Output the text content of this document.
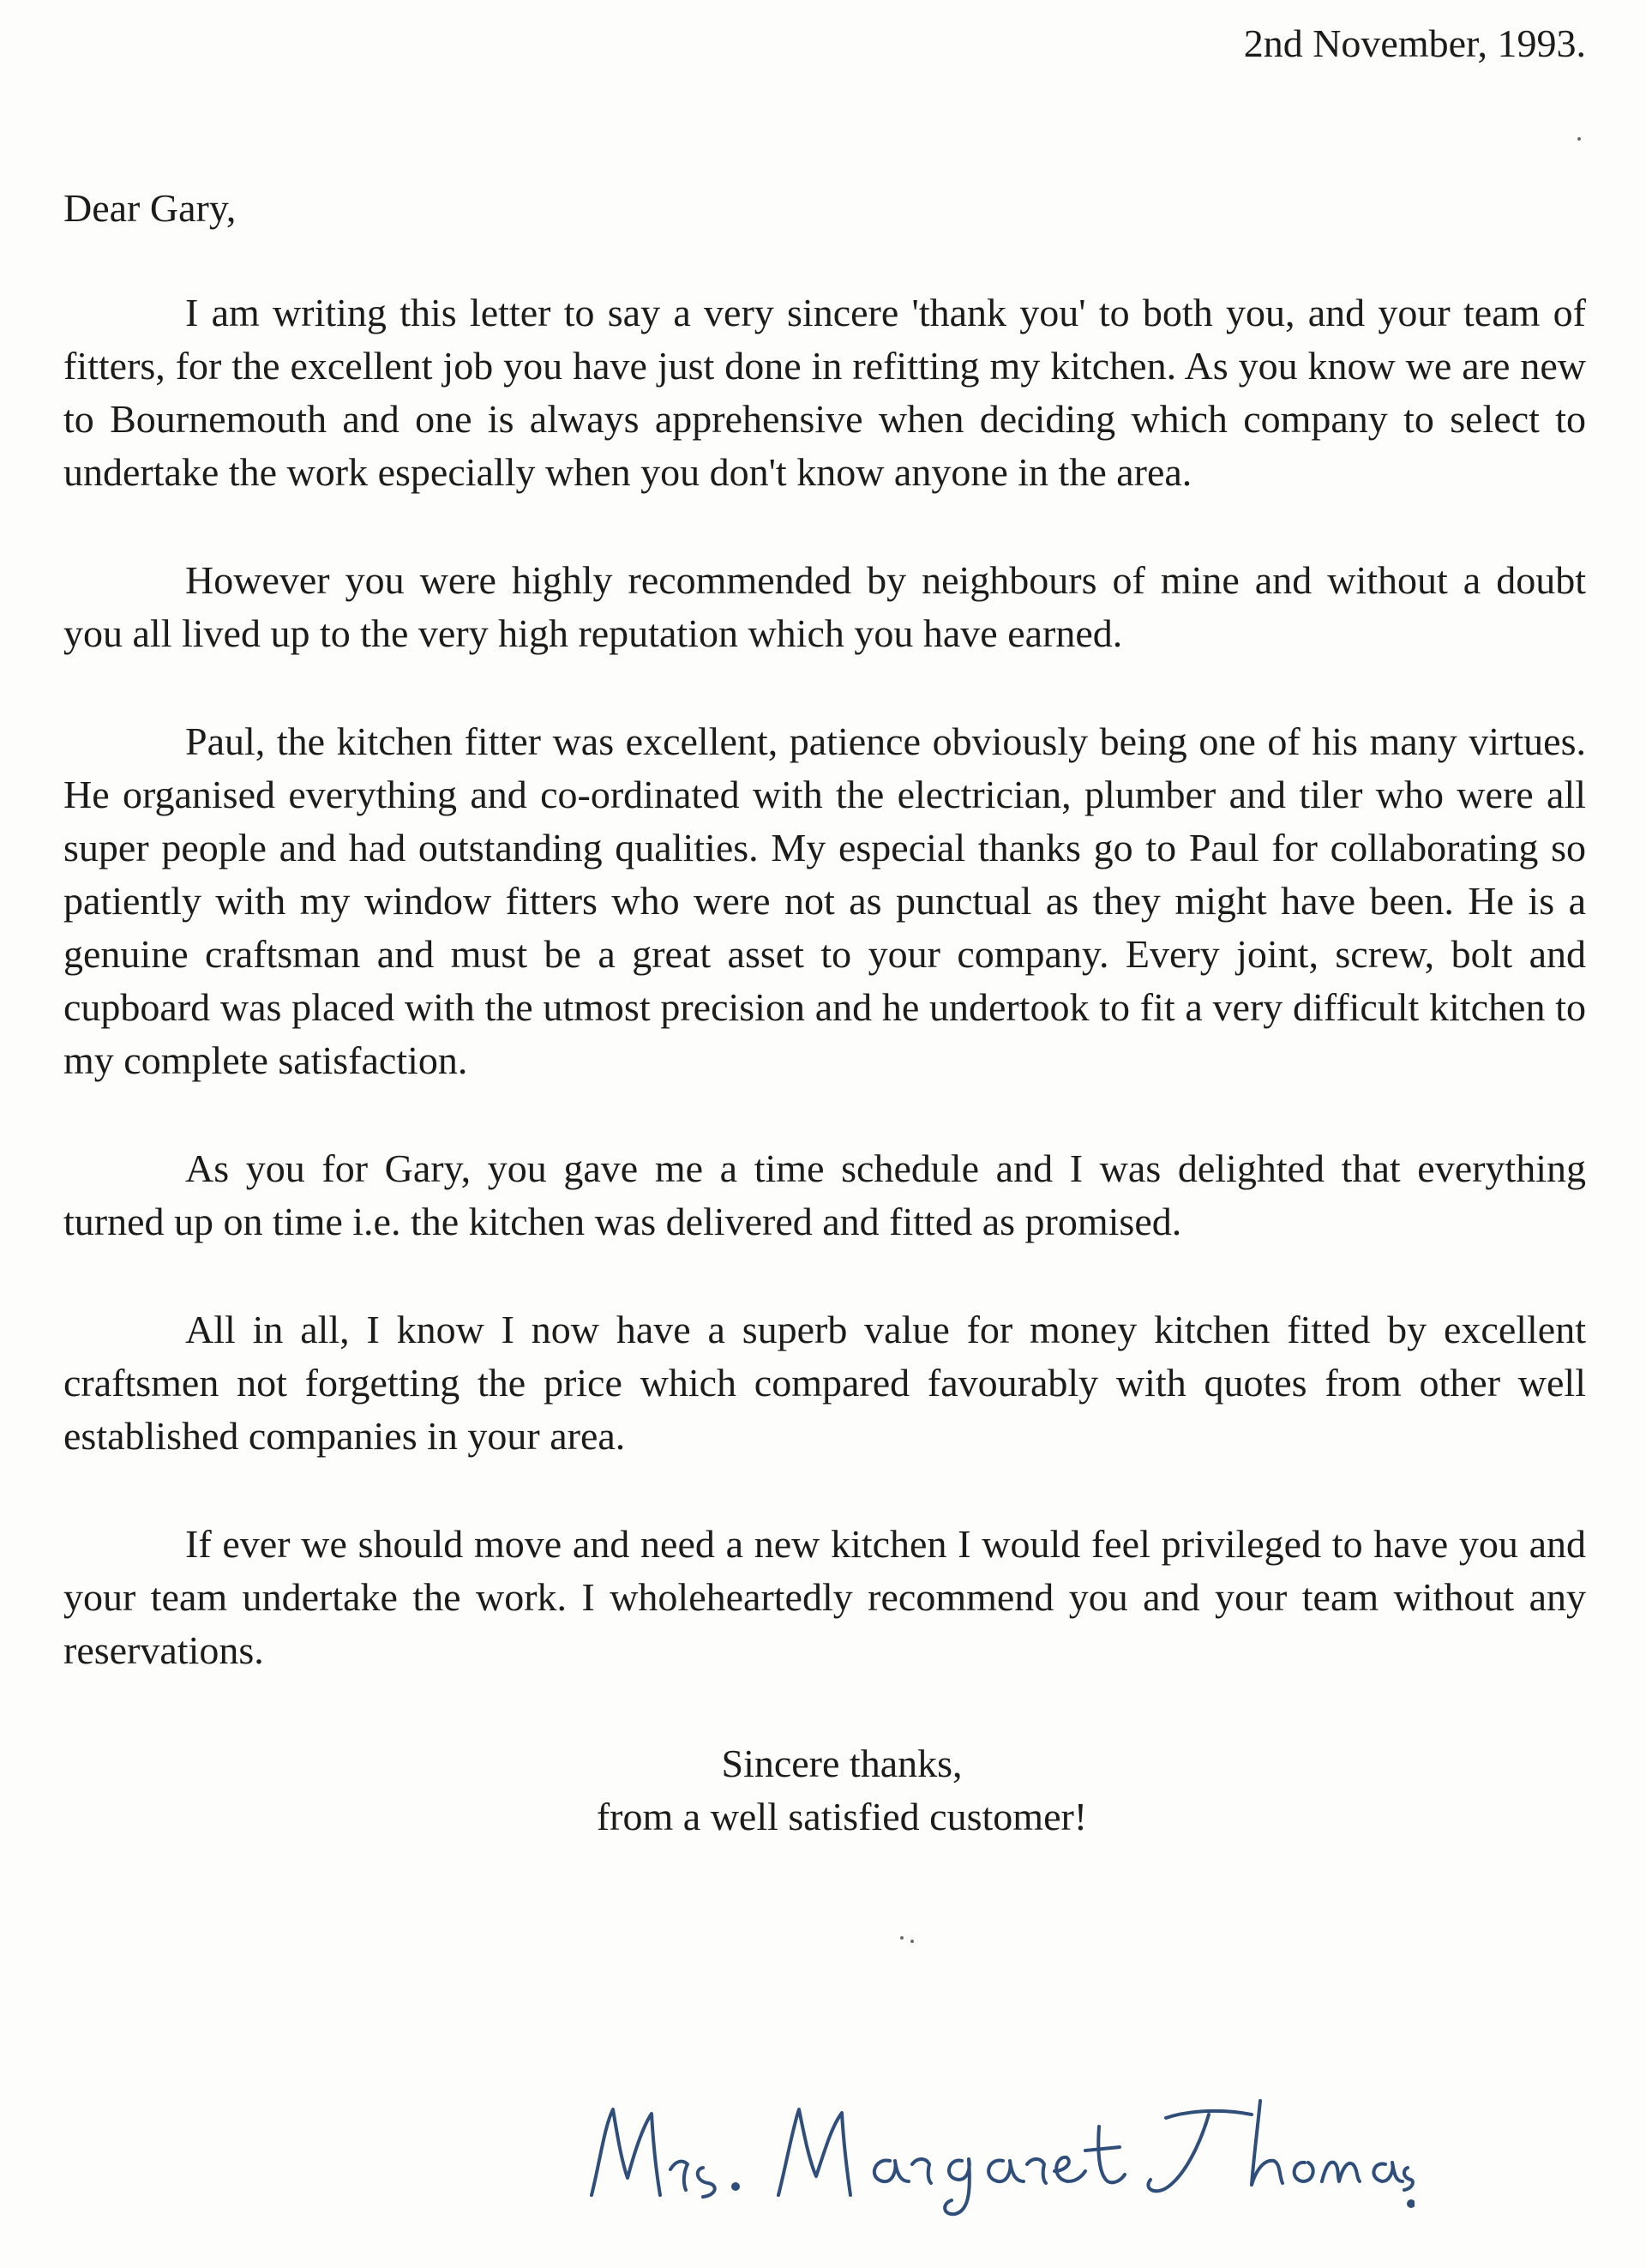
2nd November, 1993.

Dear Gary,

I am writing this letter to say a very sincere 'thank you' to both you, and your team of fitters, for the excellent job you have just done in refitting my kitchen. As you know we are new to Bournemouth and one is always apprehensive when deciding which company to select to undertake the work especially when you don't know anyone in the area.

However you were highly recommended by neighbours of mine and without a doubt you all lived up to the very high reputation which you have earned.

Paul, the kitchen fitter was excellent, patience obviously being one of his many virtues. He organised everything and co-ordinated with the electrician, plumber and tiler who were all super people and had outstanding qualities. My especial thanks go to Paul for collaborating so patiently with my window fitters who were not as punctual as they might have been. He is a genuine craftsman and must be a great asset to your company. Every joint, screw, bolt and cupboard was placed with the utmost precision and he undertook to fit a very difficult kitchen to my complete satisfaction.

As you for Gary, you gave me a time schedule and I was delighted that everything turned up on time i.e. the kitchen was delivered and fitted as promised.

All in all, I know I now have a superb value for money kitchen fitted by excellent craftsmen not forgetting the price which compared favourably with quotes from other well established companies in your area.

If ever we should move and need a new kitchen I would feel privileged to have you and your team undertake the work. I wholeheartedly recommend you and your team without any reservations.

Sincere thanks,
from a well satisfied customer!
